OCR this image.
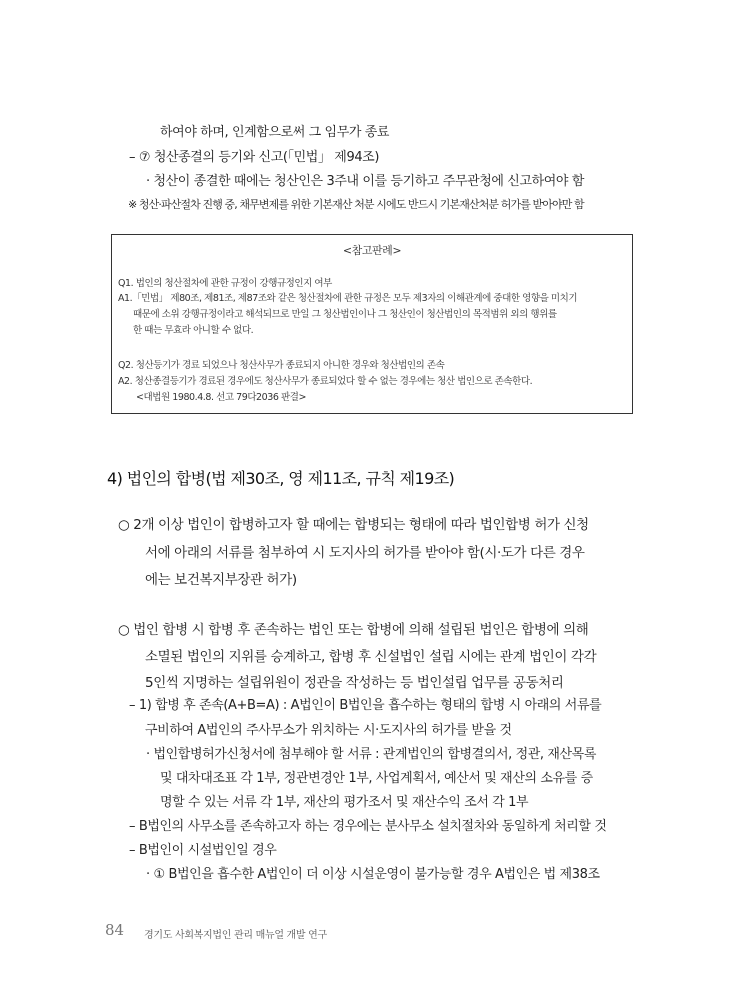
하여야 하며, 인계함으로써 그 임무가 종료
– ⑦ 청산종결의 등기와 신고(「민법」 제94조)
· 청산이 종결한 때에는 청산인은 3주내 이를 등기하고 주무관청에 신고하여야 함
※ 청산·파산절차 진행 중, 채무변제를 위한 기본재산 처분 시에도 반드시 기본재산처분 허가를 받아야만 함
<참고판례>
Q1. 법인의 청산절차에 관한 규정이 강행규정인지 여부
A1.「민법」 제80조, 제81조, 제87조와 같은 청산절차에 관한 규정은 모두 제3자의 이해관계에 중대한 영향을 미치기
때문에 소위 강행규정이라고 해석되므로 만일 그 청산법인이나 그 청산인이 청산법인의 목적범위 외의 행위를
한 때는 무효라 아니할 수 없다.
Q2. 청산등기가 경료 되었으나 청산사무가 종료되지 아니한 경우와 청산법인의 존속
A2. 청산종결등기가 경료된 경우에도 청산사무가 종료되었다 할 수 없는 경우에는 청산 법인으로 존속한다.
<대법원 1980.4.8. 선고 79다2036 판결>
4) 법인의 합병(법 제30조, 영 제11조, 규칙 제19조)
○ 2개 이상 법인이 합병하고자 할 때에는 합병되는 형태에 따라 법인합병 허가 신청
서에 아래의 서류를 첨부하여 시 도지사의 허가를 받아야 함(시·도가 다른 경우
에는 보건복지부장관 허가)
○ 법인 합병 시 합병 후 존속하는 법인 또는 합병에 의해 설립된 법인은 합병에 의해
소멸된 법인의 지위를 승계하고, 합병 후 신설법인 설립 시에는 관계 법인이 각각
5인씩 지명하는 설립위원이 정관을 작성하는 등 법인설립 업무를 공동처리
– 1) 합병 후 존속(A+B=A) : A법인이 B법인을 흡수하는 형태의 합병 시 아래의 서류를
구비하여 A법인의 주사무소가 위치하는 시·도지사의 허가를 받을 것
· 법인합병허가신청서에 첨부해야 할 서류 : 관계법인의 합병결의서, 정관, 재산목록
및 대차대조표 각 1부, 정관변경안 1부, 사업계획서, 예산서 및 재산의 소유를 증
명할 수 있는 서류 각 1부, 재산의 평가조서 및 재산수익 조서 각 1부
– B법인의 사무소를 존속하고자 하는 경우에는 분사무소 설치절차와 동일하게 처리할 것
– B법인이 시설법인일 경우
· ① B법인을 흡수한 A법인이 더 이상 시설운영이 불가능할 경우 A법인은 법 제38조
84 경기도 사회복지법인 관리 매뉴얼 개발 연구
